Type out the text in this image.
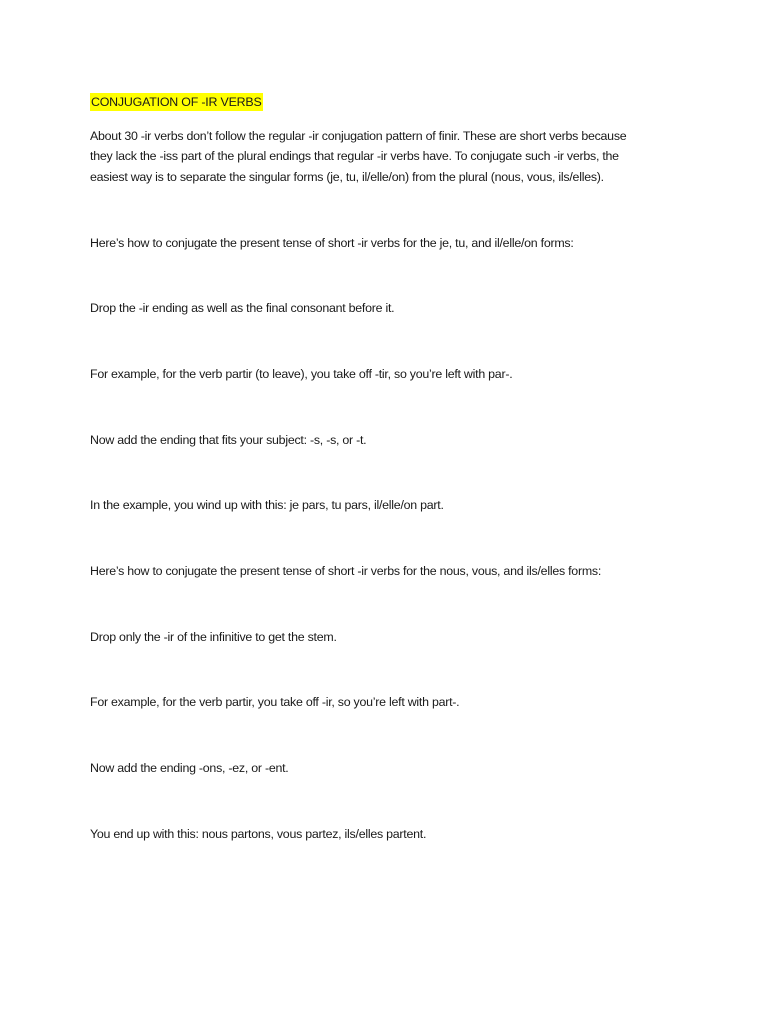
CONJUGATION OF -IR VERBS

About 30 -ir verbs don’t follow the regular -ir conjugation pattern of finir. These are short verbs because
they lack the -iss part of the plural endings that regular -ir verbs have. To conjugate such -ir verbs, the
easiest way is to separate the singular forms (je, tu, il/elle/on) from the plural (nous, vous, ils/elles).

Here’s how to conjugate the present tense of short -ir verbs for the je, tu, and il/elle/on forms:

Drop the -ir ending as well as the final consonant before it.

For example, for the verb partir (to leave), you take off -tir, so you’re left with par-.

Now add the ending that fits your subject: -s, -s, or -t.

In the example, you wind up with this: je pars, tu pars, il/elle/on part.

Here’s how to conjugate the present tense of short -ir verbs for the nous, vous, and ils/elles forms:

Drop only the -ir of the infinitive to get the stem.

For example, for the verb partir, you take off -ir, so you’re left with part-.

Now add the ending -ons, -ez, or -ent.

You end up with this: nous partons, vous partez, ils/elles partent.
